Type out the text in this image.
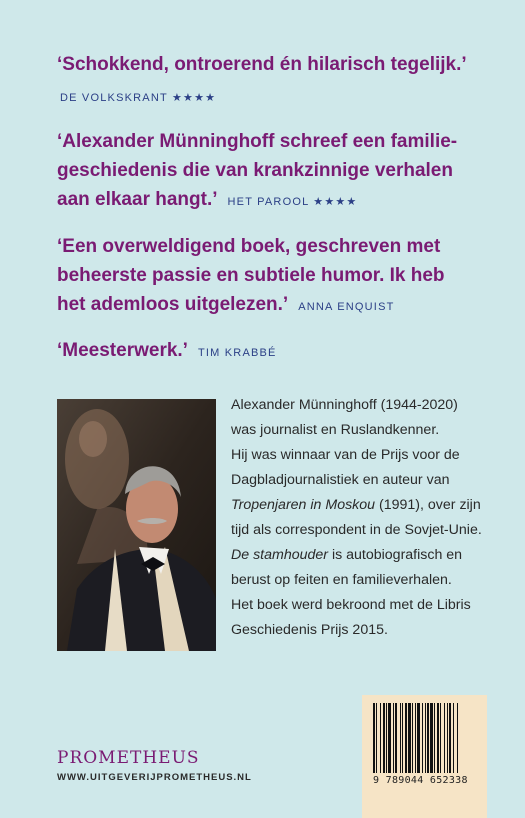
‘Schokkend, ontroerend én hilarisch tegelijk.’

DE VOLKSKRANT ★★★★
‘Alexander Münninghoff schreef een familie-
geschiedenis die van krankzinnige verhalen
aan elkaar hangt.’ HET PAROOL ★★★★
‘Een overweldigend boek, geschreven met
beheerste passie en subtiele humor. Ik heb
het ademloos uitgelezen.’ ANNA ENQUIST
‘Meesterwerk.’ TIM KRABBÉ

Alexander Münninghoff (1944-2020)

was journalist en Ruslandkenner.

Hij was winnaar van de Prijs voor de

Dagbladjournalistiek en auteur van

Tropenjaren in Moskou (1991), over zijn

tijd als correspondent in de Sovjet-Unie.

De stamhouder is autobiografisch en

berust op feiten en familieverhalen.

Het boek werd bekroond met de Libris

Geschiedenis Prijs 2015.

PROMETHEUS
WWW.UITGEVERIJPROMETHEUS.NL	9 789044 652338
